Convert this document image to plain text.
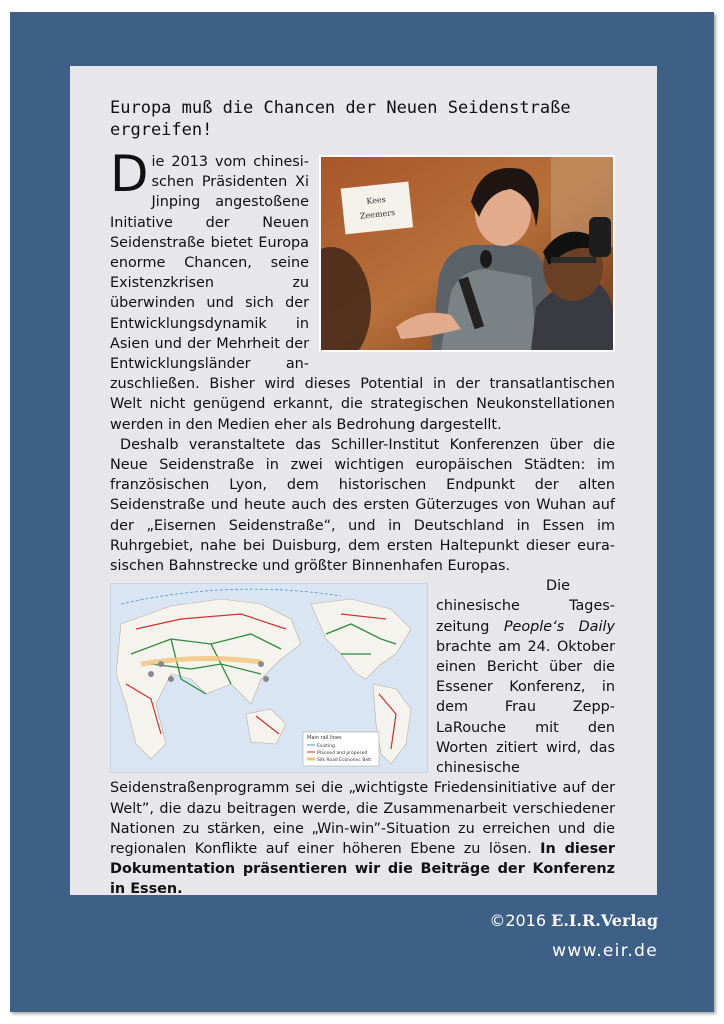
Europa muß die Chancen der Neuen Seidenstraße ergreifen!
Kees
Zeemers

Die 2013 vom chinesischen Präsidenten Xi Jinping angestoßene Initiative der Neuen Seidenstraße bietet Europa enorme Chancen, seine Existenzkrisen zu überwinden und sich der Entwicklungsdynamik in Asien und der Mehrheit der Entwicklungsländer anzuschließen. Bisher wird dieses Potential in der transatlantischen Welt nicht genügend erkannt, die strategischen Neukonstellationen werden in den Medien eher als Bedrohung dargestellt.

Deshalb veranstaltete das Schiller-Institut Konferenzen über die Neue Seidenstraße in zwei wichtigen europäischen Städten: im französischen Lyon, dem historischen Endpunkt der alten Seidenstraße und heute auch des ersten Güterzuges von Wuhan auf der „Eisernen Seidenstraße“, und in Deutschland in Essen im Ruhrgebiet, nahe bei Duisburg, dem ersten Haltepunkt dieser eurasischen Bahnstrecke und größter Binnenhafen Europas.

Main rail lines
Existing
Planned and proposed
Silk Road Economic Belt

Die chinesische Tageszeitung People‘s Daily brachte am 24. Oktober einen Bericht über die Essener Konferenz, in dem Frau Zepp-LaRouche mit den Worten zitiert wird, das chinesische Seidenstraßenprogramm sei die „wichtigste Friedensinitiative auf der Welt”, die dazu beitragen werde, die Zusammenarbeit verschiedener Nationen zu stärken, eine „Win-win”-Situation zu erreichen und die regionalen Konflikte auf einer höheren Ebene zu lösen. In dieser Dokumentation präsentieren wir die Beiträge der Konferenz in Essen.

©2016 E.I.R.Verlag
www.eir.de
